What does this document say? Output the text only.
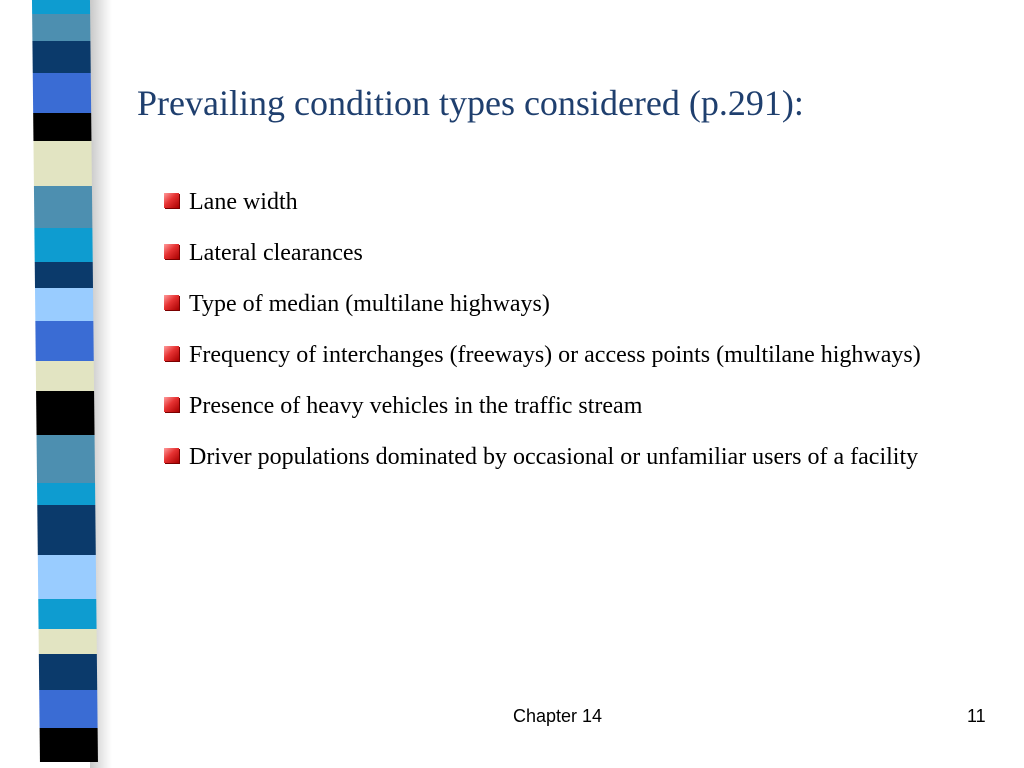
Prevailing condition types considered (p.291):
Lane width
Lateral clearances
Type of median (multilane highways)
Frequency of interchanges (freeways) or access points (multilane highways)
Presence of heavy vehicles in the traffic stream
Driver populations dominated by occasional or unfamiliar users of a facility
Chapter 14	11
